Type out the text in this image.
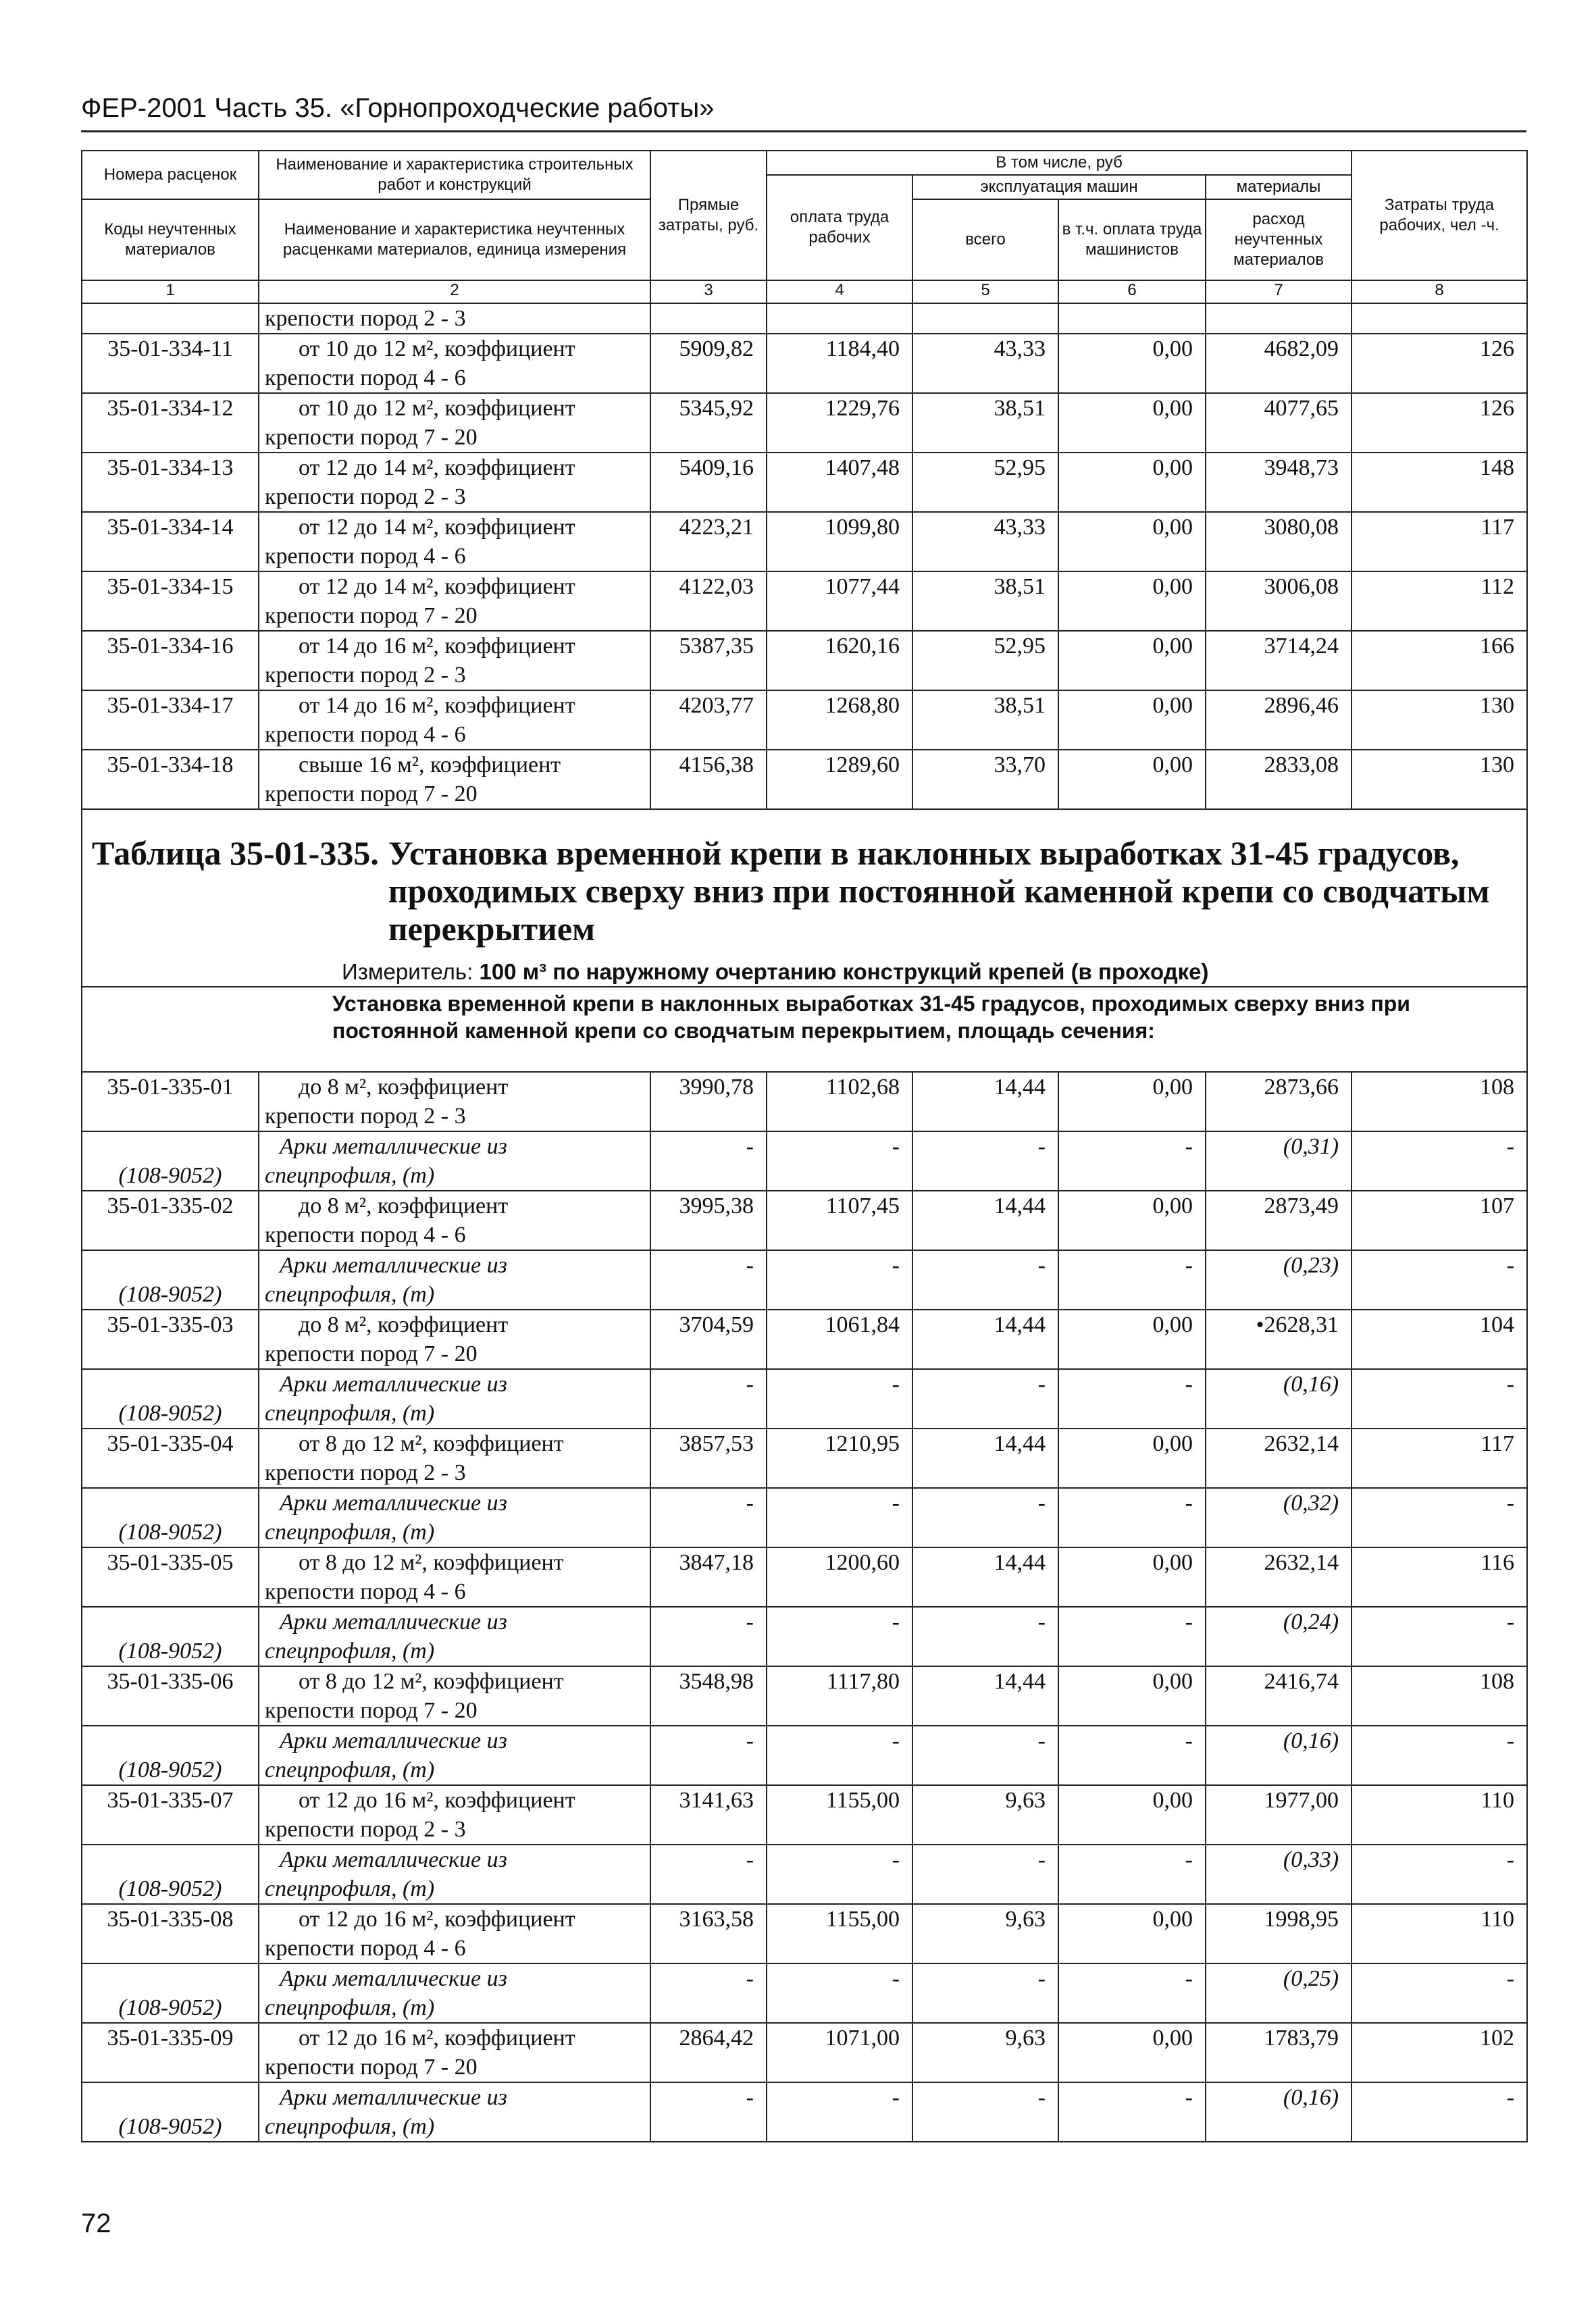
ФЕР-2001 Часть 35. «Горнопроходческие работы»
Номера расценок	Наименование и характеристика строительных работ и конструкций	Прямые затраты, руб.	В том числе, руб				Затраты труда рабочих, чел -ч.
			оплата труда рабочих	эксплуатация машин		материалы	
Коды неучтенных материалов	Наименование и характеристика неучтенных расценками материалов, единица измерения			всего	в т.ч. оплата труда машинистов	расход неучтенных материалов	

1	2	3	4	5	6	7	8
	крепости пород 2 - 3						
35-01-334-11	от 10 до 12 м², коэффициент
крепости пород 4 - 6	5909,82	1184,40	43,33	0,00	4682,09	126
35-01-334-12	от 10 до 12 м², коэффициент
крепости пород 7 - 20	5345,92	1229,76	38,51	0,00	4077,65	126
35-01-334-13	от 12 до 14 м², коэффициент
крепости пород 2 - 3	5409,16	1407,48	52,95	0,00	3948,73	148
35-01-334-14	от 12 до 14 м², коэффициент
крепости пород 4 - 6	4223,21	1099,80	43,33	0,00	3080,08	117
35-01-334-15	от 12 до 14 м², коэффициент
крепости пород 7 - 20	4122,03	1077,44	38,51	0,00	3006,08	112
35-01-334-16	от 14 до 16 м², коэффициент
крепости пород 2 - 3	5387,35	1620,16	52,95	0,00	3714,24	166
35-01-334-17	от 14 до 16 м², коэффициент
крепости пород 4 - 6	4203,77	1268,80	38,51	0,00	2896,46	130
35-01-334-18	свыше 16 м², коэффициент
крепости пород 7 - 20	4156,38	1289,60	33,70	0,00	2833,08	130

Таблица 35-01-335. Установка временной крепи в наклонных выработках 31-45 градусов, проходимых сверху вниз при постоянной каменной крепи со сводчатым перекрытием
Измеритель: 100 м³ по наружному очертанию конструкций крепей (в проходке)							

Установка временной крепи в наклонных выработках 31-45 градусов, проходимых сверху вниз при постоянной каменной крепи со сводчатым перекрытием, площадь сечения:							
35-01-335-01	до 8 м², коэффициент
крепости пород 2 - 3	3990,78	1102,68	14,44	0,00	2873,66	108
(108-9052)	Арки металлические из
спецпрофиля, (т)	-	-	-	-	(0,31)	-
35-01-335-02	до 8 м², коэффициент
крепости пород 4 - 6	3995,38	1107,45	14,44	0,00	2873,49	107
(108-9052)	Арки металлические из
спецпрофиля, (т)	-	-	-	-	(0,23)	-
35-01-335-03	до 8 м², коэффициент
крепости пород 7 - 20	3704,59	1061,84	14,44	0,00	•2628,31	104
(108-9052)	Арки металлические из
спецпрофиля, (т)	-	-	-	-	(0,16)	-
35-01-335-04	от 8 до 12 м², коэффициент
крепости пород 2 - 3	3857,53	1210,95	14,44	0,00	2632,14	117
(108-9052)	Арки металлические из
спецпрофиля, (т)	-	-	-	-	(0,32)	-
35-01-335-05	от 8 до 12 м², коэффициент
крепости пород 4 - 6	3847,18	1200,60	14,44	0,00	2632,14	116
(108-9052)	Арки металлические из
спецпрофиля, (т)	-	-	-	-	(0,24)	-
35-01-335-06	от 8 до 12 м², коэффициент
крепости пород 7 - 20	3548,98	1117,80	14,44	0,00	2416,74	108
(108-9052)	Арки металлические из
спецпрофиля, (т)	-	-	-	-	(0,16)	-
35-01-335-07	от 12 до 16 м², коэффициент
крепости пород 2 - 3	3141,63	1155,00	9,63	0,00	1977,00	110
(108-9052)	Арки металлические из
спецпрофиля, (т)	-	-	-	-	(0,33)	-
35-01-335-08	от 12 до 16 м², коэффициент
крепости пород 4 - 6	3163,58	1155,00	9,63	0,00	1998,95	110
(108-9052)	Арки металлические из
спецпрофиля, (т)	-	-	-	-	(0,25)	-
35-01-335-09	от 12 до 16 м², коэффициент
крепости пород 7 - 20	2864,42	1071,00	9,63	0,00	1783,79	102
(108-9052)	Арки металлические из
спецпрофиля, (т)	-	-	-	-	(0,16)	-
72
